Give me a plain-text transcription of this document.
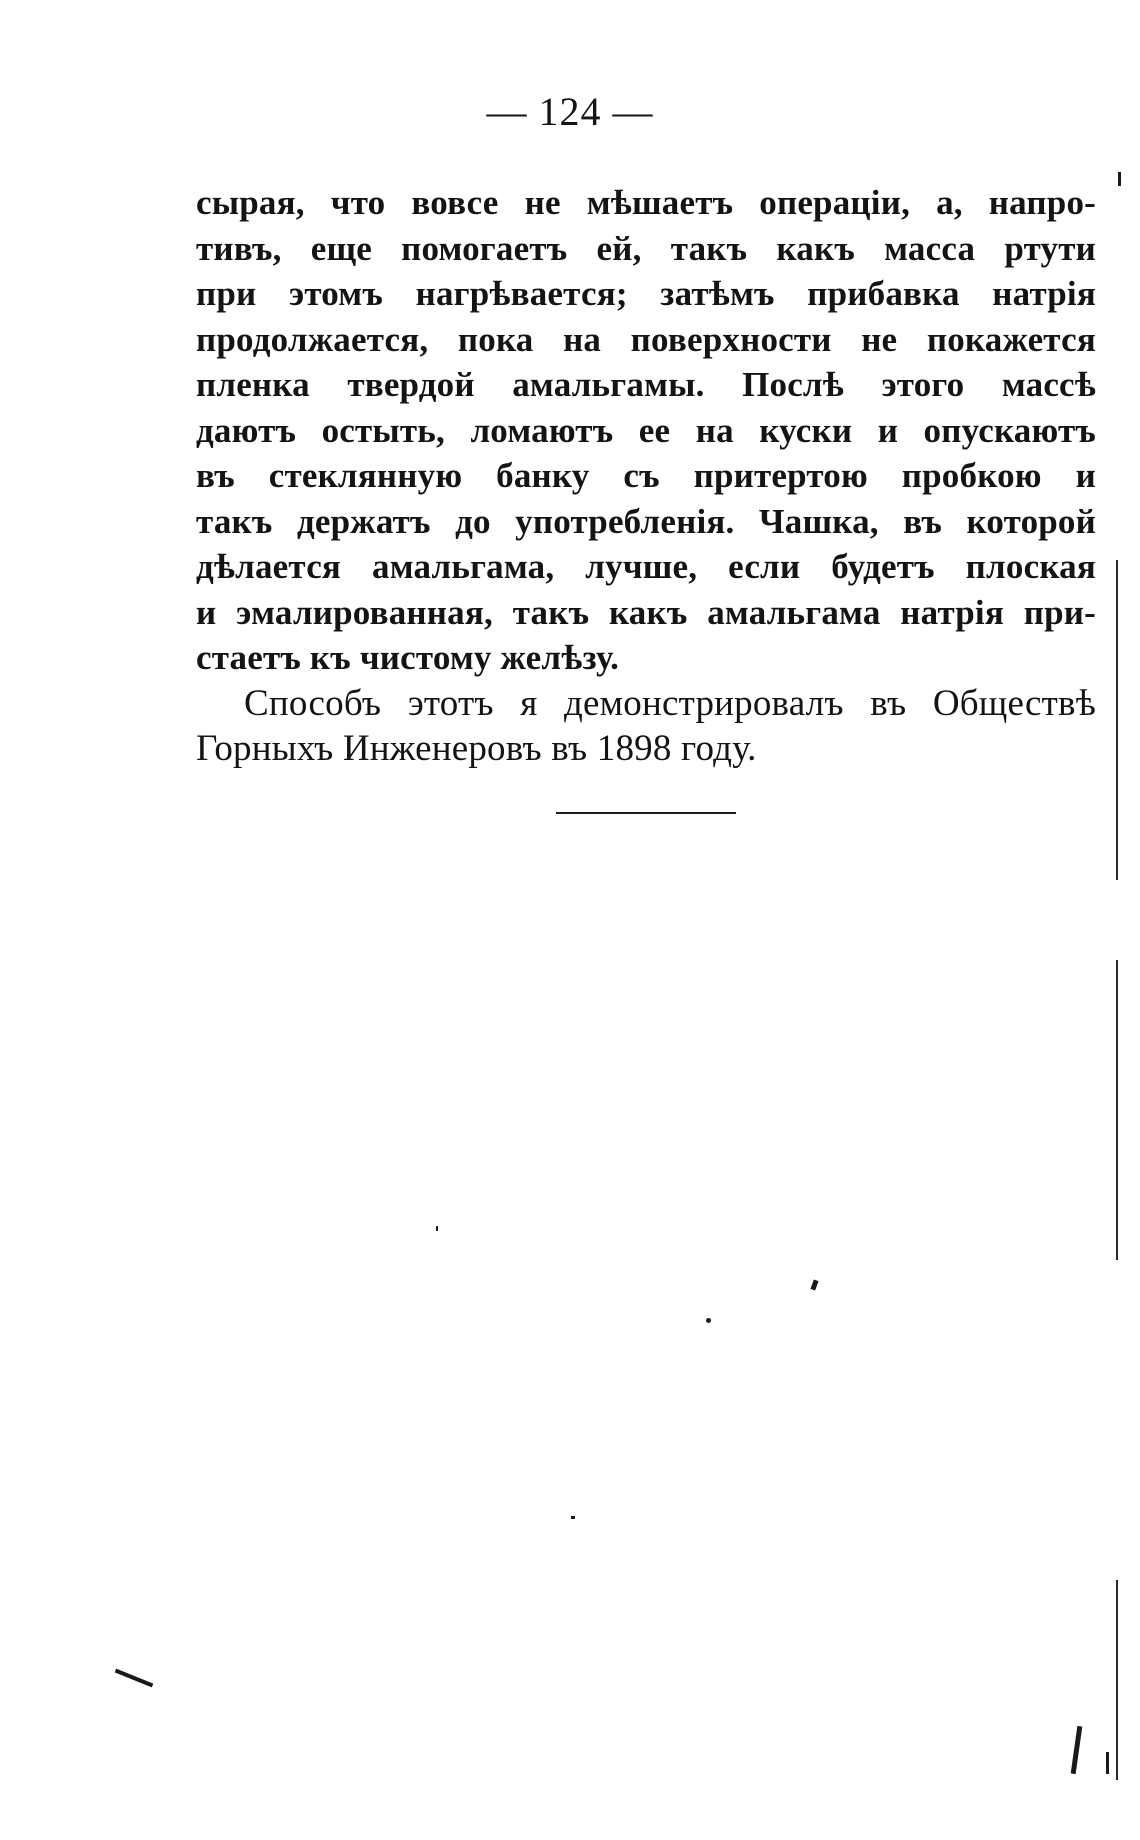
— 124 —
сырая, что вовсе не мѣшаетъ операціи, а, напро-
тивъ, еще помогаетъ ей, такъ какъ масса ртути
при этомъ нагрѣвается; затѣмъ прибавка натрія
продолжается, пока на поверхности не покажется
пленка твердой амальгамы. Послѣ этого массѣ
даютъ остыть, ломаютъ ее на куски и опускаютъ
въ стеклянную банку съ притертою пробкою и
такъ держатъ до употребленія. Чашка, въ которой
дѣлается амальгама, лучше, если будетъ плоская
и эмалированная, такъ какъ амальгама натрія при-
стаетъ къ чистому желѣзу.
Способъ этотъ я демонстрировалъ въ Обществѣ
Горныхъ Инженеровъ въ 1898 году.
